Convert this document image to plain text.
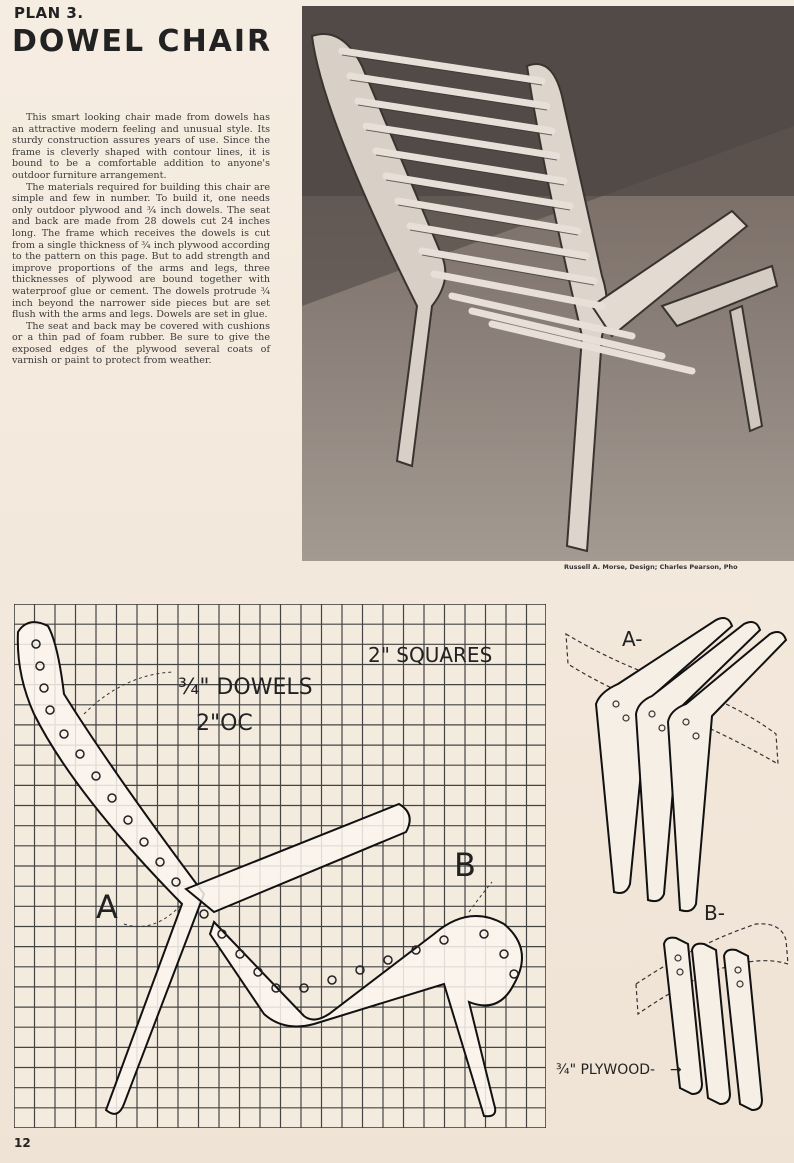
PLAN 3.
DOWEL CHAIR

This smart looking chair made from dowels has an attractive modern feeling and unusual style. Its sturdy construction assures years of use. Since the frame is cleverly shaped with contour lines, it is bound to be a comfortable addition to anyone's outdoor furniture arrangement.

The materials required for building this chair are simple and few in number. To build it, one needs only outdoor plywood and ¾ inch dowels. The seat and back are made from 28 dowels cut 24 inches long. The frame which receives the dowels is cut from a single thickness of ¾ inch plywood according to the pattern on this page. But to add strength and improve proportions of the arms and legs, three thicknesses of plywood are bound together with waterproof glue or cement. The dowels protrude ¾ inch beyond the narrower side pieces but are set flush with the arms and legs. Dowels are set in glue.

The seat and back may be covered with cushions or a thin pad of foam rubber. Be sure to give the exposed edges of the plywood several coats of varnish or paint to protect from weather.

Russell A. Morse, Design; Charles Pearson, Pho
2" SQUARES
¾" DOWELS
2"OC
A
B
A-
B-
¾" PLYWOOD- →
12
